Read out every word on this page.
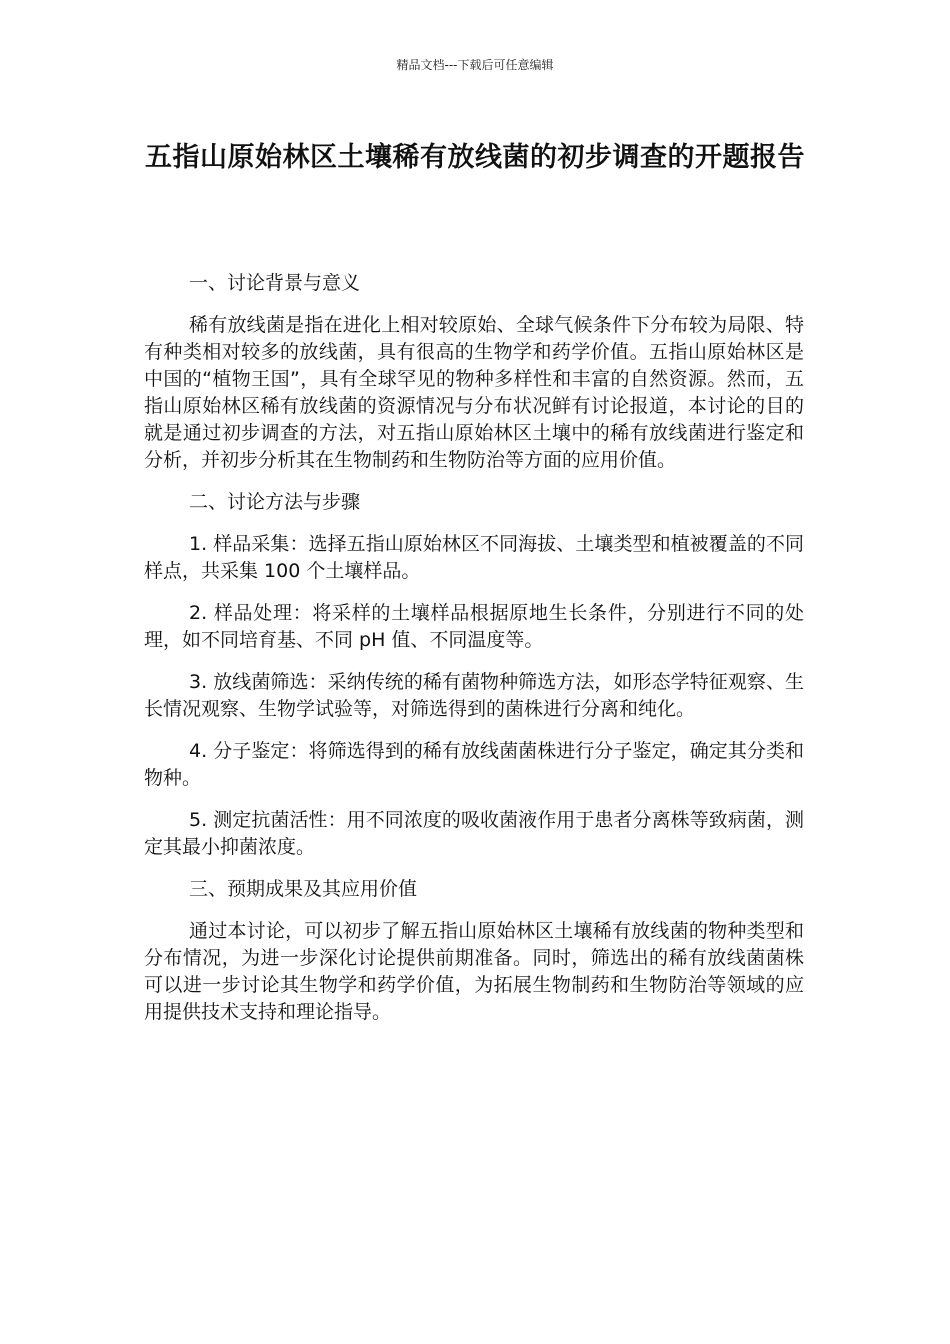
精品文档---下载后可任意编辑
五指山原始林区土壤稀有放线菌的初步调查的开题报告

一、讨论背景与意义

稀有放线菌是指在进化上相对较原始、全球气候条件下分布较为局限、特有种类相对较多的放线菌，具有很高的生物学和药学价值。五指山原始林区是中国的“植物王国”，具有全球罕见的物种多样性和丰富的自然资源。然而，五指山原始林区稀有放线菌的资源情况与分布状况鲜有讨论报道，本讨论的目的就是通过初步调查的方法，对五指山原始林区土壤中的稀有放线菌进行鉴定和分析，并初步分析其在生物制药和生物防治等方面的应用价值。

二、讨论方法与步骤

1. 样品采集：选择五指山原始林区不同海拔、土壤类型和植被覆盖的不同样点，共采集 100 个土壤样品。

2. 样品处理：将采样的土壤样品根据原地生长条件，分别进行不同的处理，如不同培育基、不同 pH 值、不同温度等。

3. 放线菌筛选：采纳传统的稀有菌物种筛选方法，如形态学特征观察、生长情况观察、生物学试验等，对筛选得到的菌株进行分离和纯化。

4. 分子鉴定：将筛选得到的稀有放线菌菌株进行分子鉴定，确定其分类和物种。

5. 测定抗菌活性：用不同浓度的吸收菌液作用于患者分离株等致病菌，测定其最小抑菌浓度。

三、预期成果及其应用价值

通过本讨论，可以初步了解五指山原始林区土壤稀有放线菌的物种类型和分布情况，为进一步深化讨论提供前期准备。同时，筛选出的稀有放线菌菌株可以进一步讨论其生物学和药学价值，为拓展生物制药和生物防治等领域的应用提供技术支持和理论指导。
